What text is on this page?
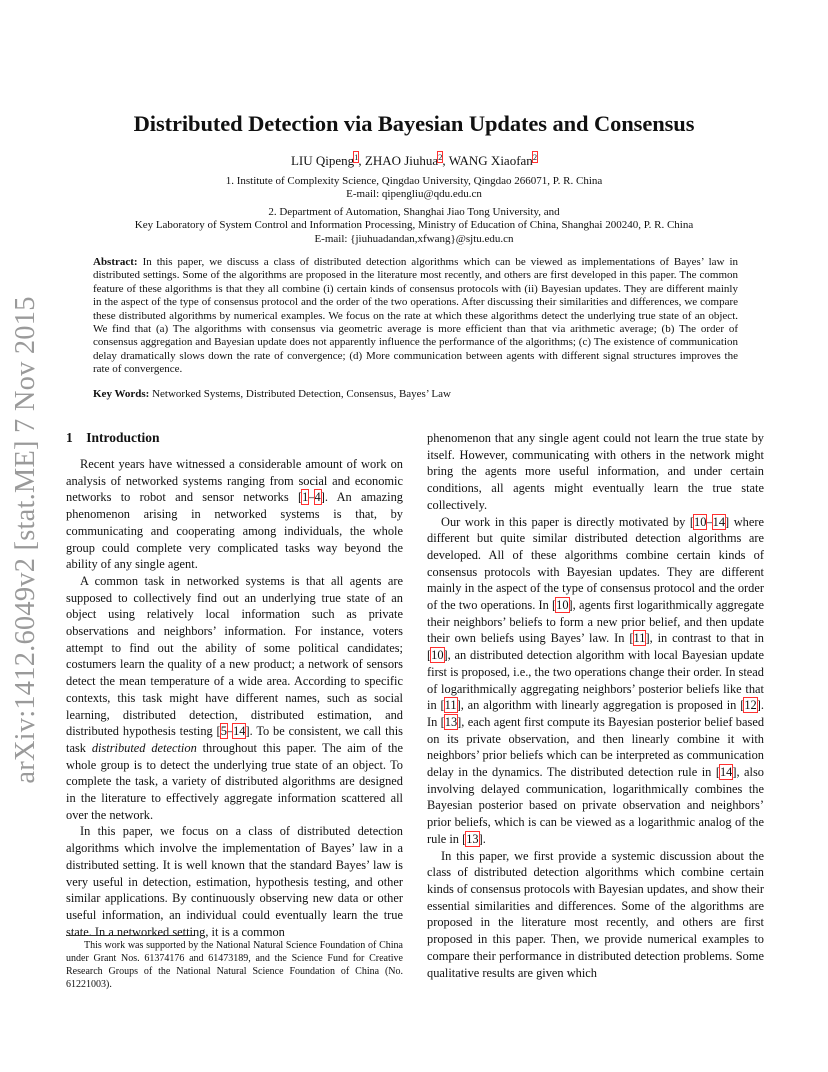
arXiv:1412.6049v2 [stat.ME] 7 Nov 2015
Distributed Detection via Bayesian Updates and Consensus
LIU Qipeng$^1$, ZHAO Jiuhua$^2$, WANG Xiaofan$^2$
1. Institute of Complexity Science, Qingdao University, Qingdao 266071, P. R. China
E-mail: qipengliu@qdu.edu.cn
2. Department of Automation, Shanghai Jiao Tong University, and
Key Laboratory of System Control and Information Processing, Ministry of Education of China, Shanghai 200240, P. R. China
E-mail: {jiuhuadandan,xfwang}@sjtu.edu.cn
Abstract: In this paper, we discuss a class of distributed detection algorithms which can be viewed as implementations of Bayes’ law in distributed settings. Some of the algorithms are proposed in the literature most recently, and others are first developed in this paper. The common feature of these algorithms is that they all combine (i) certain kinds of consensus protocols with (ii) Bayesian updates. They are different mainly in the aspect of the type of consensus protocol and the order of the two operations. After discussing their similarities and differences, we compare these distributed algorithms by numerical examples. We focus on the rate at which these algorithms detect the underlying true state of an object. We find that (a) The algorithms with consensus via geometric average is more efficient than that via arithmetic average; (b) The order of consensus aggregation and Bayesian update does not apparently influence the performance of the algorithms; (c) The existence of communication delay dramatically slows down the rate of convergence; (d) More communication between agents with different signal structures improves the rate of convergence.
Key Words: Networked Systems, Distributed Detection, Consensus, Bayes’ Law
1 Introduction

Recent years have witnessed a considerable amount of work on analysis of networked systems ranging from social and economic networks to robot and sensor networks [1–4]. An amazing phenomenon arising in networked systems is that, by communicating and cooperating among individuals, the whole group could complete very complicated tasks way beyond the ability of any single agent.

A common task in networked systems is that all agents are supposed to collectively find out an underlying true state of an object using relatively local information such as private observations and neighbors’ information. For instance, voters attempt to find out the ability of some political candidates; costumers learn the quality of a new product; a network of sensors detect the mean temperature of a wide area. According to specific contexts, this task might have different names, such as social learning, distributed detection, distributed estimation, and distributed hypothesis testing [5–14]. To be consistent, we call this task distributed detection throughout this paper. The aim of the whole group is to detect the underlying true state of an object. To complete the task, a variety of distributed algorithms are designed in the literature to effectively aggregate information scattered all over the network.

In this paper, we focus on a class of distributed detection algorithms which involve the implementation of Bayes’ law in a distributed setting. It is well known that the standard Bayes’ law is very useful in detection, estimation, hypothesis testing, and other similar applications. By continuously observing new data or other useful information, an individual could eventually learn the true state. In a networked setting, it is a common

This work was supported by the National Natural Science Foundation of China under Grant Nos. 61374176 and 61473189, and the Science Fund for Creative Research Groups of the National Natural Science Foundation of China (No. 61221003).

phenomenon that any single agent could not learn the true state by itself. However, communicating with others in the network might bring the agents more useful information, and under certain conditions, all agents might eventually learn the true state collectively.

Our work in this paper is directly motivated by [10–14] where different but quite similar distributed detection algorithms are developed. All of these algorithms combine certain kinds of consensus protocols with Bayesian updates. They are different mainly in the aspect of the type of consensus protocol and the order of the two operations. In [10], agents first logarithmically aggregate their neighbors’ beliefs to form a new prior belief, and then update their own beliefs using Bayes’ law. In [11], in contrast to that in [10], an distributed detection algorithm with local Bayesian update first is proposed, i.e., the two operations change their order. In stead of logarithmically aggregating neighbors’ posterior beliefs like that in [11], an algorithm with linearly aggregation is proposed in [12]. In [13], each agent first compute its Bayesian posterior belief based on its private observation, and then linearly combine it with neighbors’ prior beliefs which can be interpreted as communication delay in the dynamics. The distributed detection rule in [14], also involving delayed communication, logarithmically combines the Bayesian posterior based on private observation and neighbors’ prior beliefs, which is can be viewed as a logarithmic analog of the rule in [13].

In this paper, we first provide a systemic discussion about the class of distributed detection algorithms which combine certain kinds of consensus protocols with Bayesian updates, and show their essential similarities and differences. Some of the algorithms are proposed in the literature most recently, and others are first proposed in this paper. Then, we provide numerical examples to compare their performance in distributed detection problems. Some qualitative results are given which
